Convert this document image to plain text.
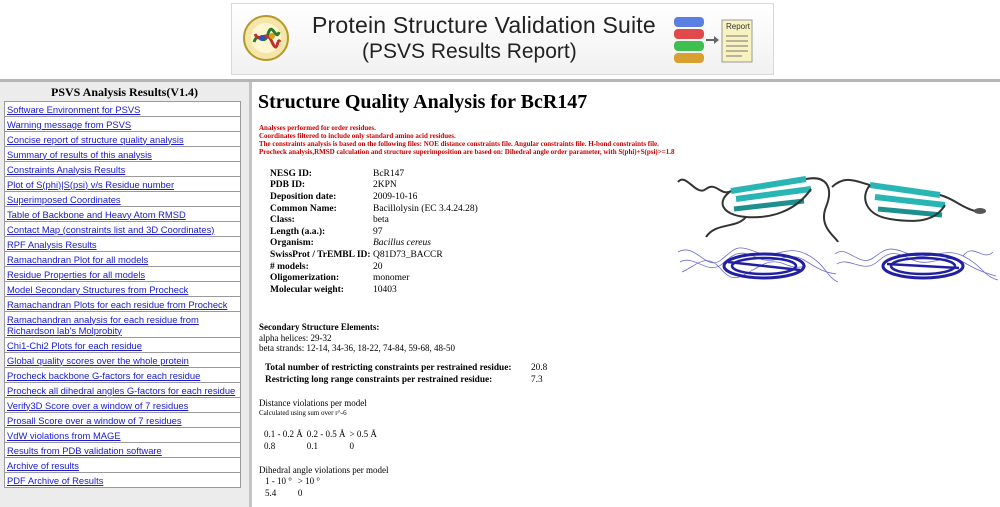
Protein Structure Validation Suite
(PSVS Results Report)
Report
PSVS Analysis Results(V1.4)
Software Environment for PSVS
Warning message from PSVS
Concise report of structure quality analysis
Summary of results of this analysis
Constraints Analysis Results
Plot of S(phi)|S(psi) v/s Residue number
Superimposed Coordinates
Table of Backbone and Heavy Atom RMSD
Contact Map (constraints list and 3D Coordinates)
RPF Analysis Results
Ramachandran Plot for all models
Residue Properties for all models
Model Secondary Structures from Procheck
Ramachandran Plots for each residue from Procheck
Ramachandran analysis for each residue from Richardson lab's Molprobity
Chi1-Chi2 Plots for each residue
Global quality scores over the whole protein
Procheck backbone G-factors for each residue
Procheck all dihedral angles G-factors for each residue
Verify3D Score over a window of 7 residues
Prosall Score over a window of 7 residues
VdW violations from MAGE
Results from PDB validation software
Archive of results
PDF Archive of Results
Structure Quality Analysis for BcR147
Analyses performed for order residues.
Coordinates filtered to include only standard amino acid residues.
The constraints analysis is based on the following files: NOE distance constraints file. Angular constraints file. H-bond constraints file.
Procheck analysis,RMSD calculation and structure superimposition are based on: Dihedral angle order parameter, with S(phi)+S(psi)>=1.8
NESG ID:	BcR147
PDB ID:	2KPN
Deposition date:	2009-10-16
Common Name:	Bacillolysin (EC 3.4.24.28)
Class:	beta
Length (a.a.):	97
Organism:	Bacillus cereus
SwissProt / TrEMBL ID:	Q81D73_BACCR
# models:	20
Oligomerization:	monomer
Molecular weight:	10403
Secondary Structure Elements:
alpha helices: 29-32
beta strands: 12-14, 34-36, 18-22, 74-84, 59-68, 48-50
Total number of restricting constraints per restrained residue:	20.8
Restricting long range constraints per restrained residue:	7.3
Distance violations per model
Calculated using sum over r^-6
0.1 - 0.2 Å	0.2 - 0.5 Å	> 0.5 Å
0.8	0.1	0
Dihedral angle violations per model
1 - 10 °	> 10 °
5.4	0
